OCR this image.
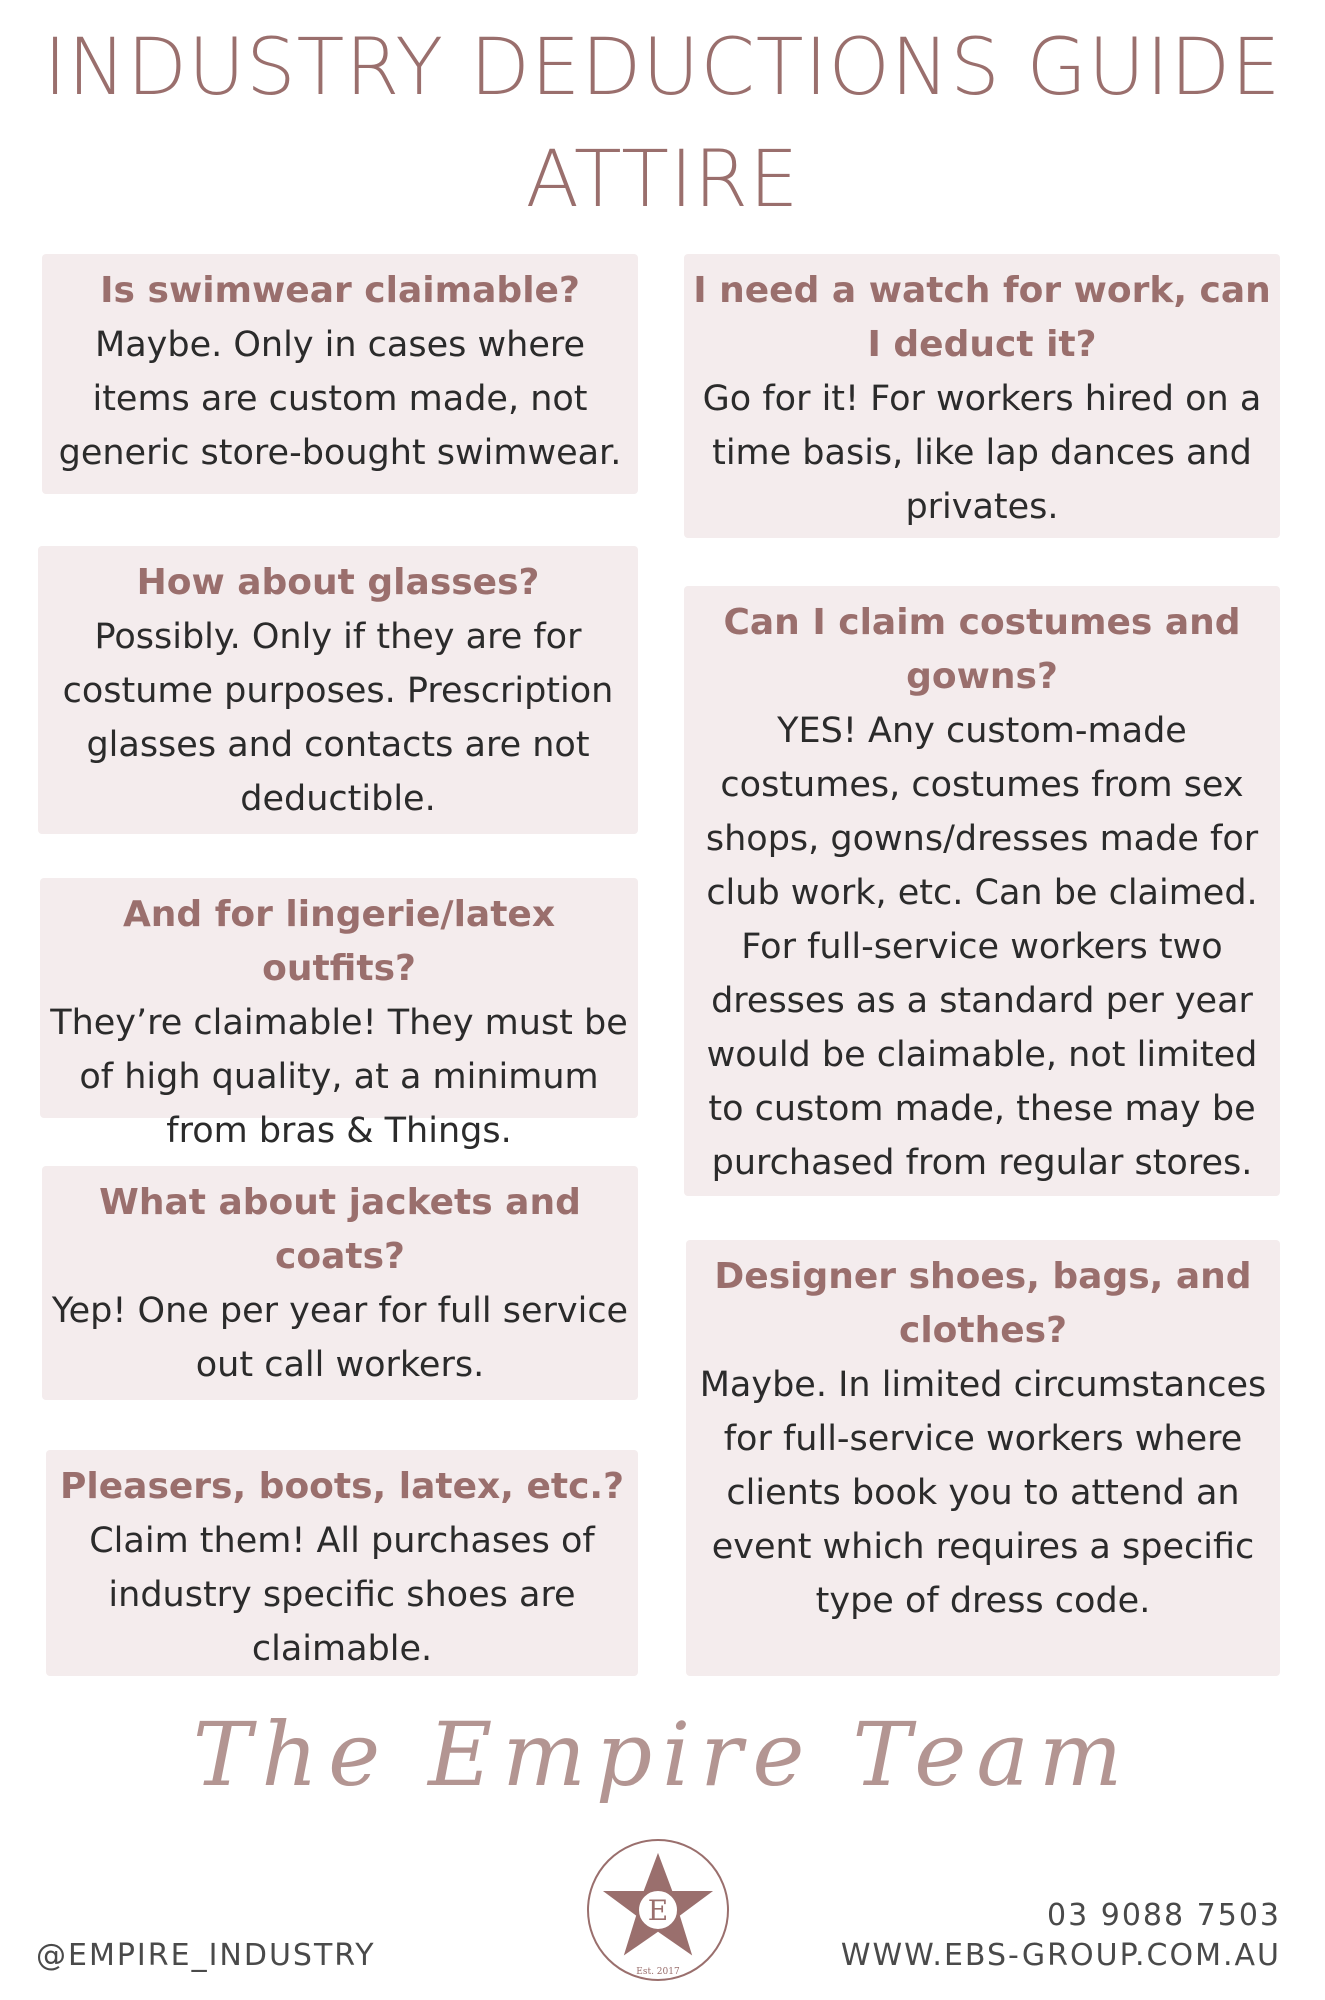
INDUSTRY DEDUCTIONS GUIDE
ATTIRE
Is swimwear claimable?
Maybe. Only in cases where items are custom made, not generic store-bought swimwear.
How about glasses?
Possibly. Only if they are for costume purposes. Prescription glasses and contacts are not deductible.
And for lingerie/latex outfits?
They’re claimable! They must be of high quality, at a minimum from bras & Things.
What about jackets and coats?
Yep! One per year for full service out call workers.
Pleasers, boots, latex, etc.?
Claim them! All purchases of industry specific shoes are claimable.
I need a watch for work, can I deduct it?
Go for it! For workers hired on a time basis, like lap dances and privates.
Can I claim costumes and gowns?
YES! Any custom-made costumes, costumes from sex shops, gowns/dresses made for club work, etc. Can be claimed. For full-service workers two dresses as a standard per year would be claimable, not limited to custom made, these may be purchased from regular stores.
Designer shoes, bags, and clothes?
Maybe. In limited circumstances for full-service workers where clients book you to attend an event which requires a specific type of dress code.
The Empire Team
E
Est. 2017
@EMPIRE_INDUSTRY
03 9088 7503
WWW.EBS-GROUP.COM.AU
